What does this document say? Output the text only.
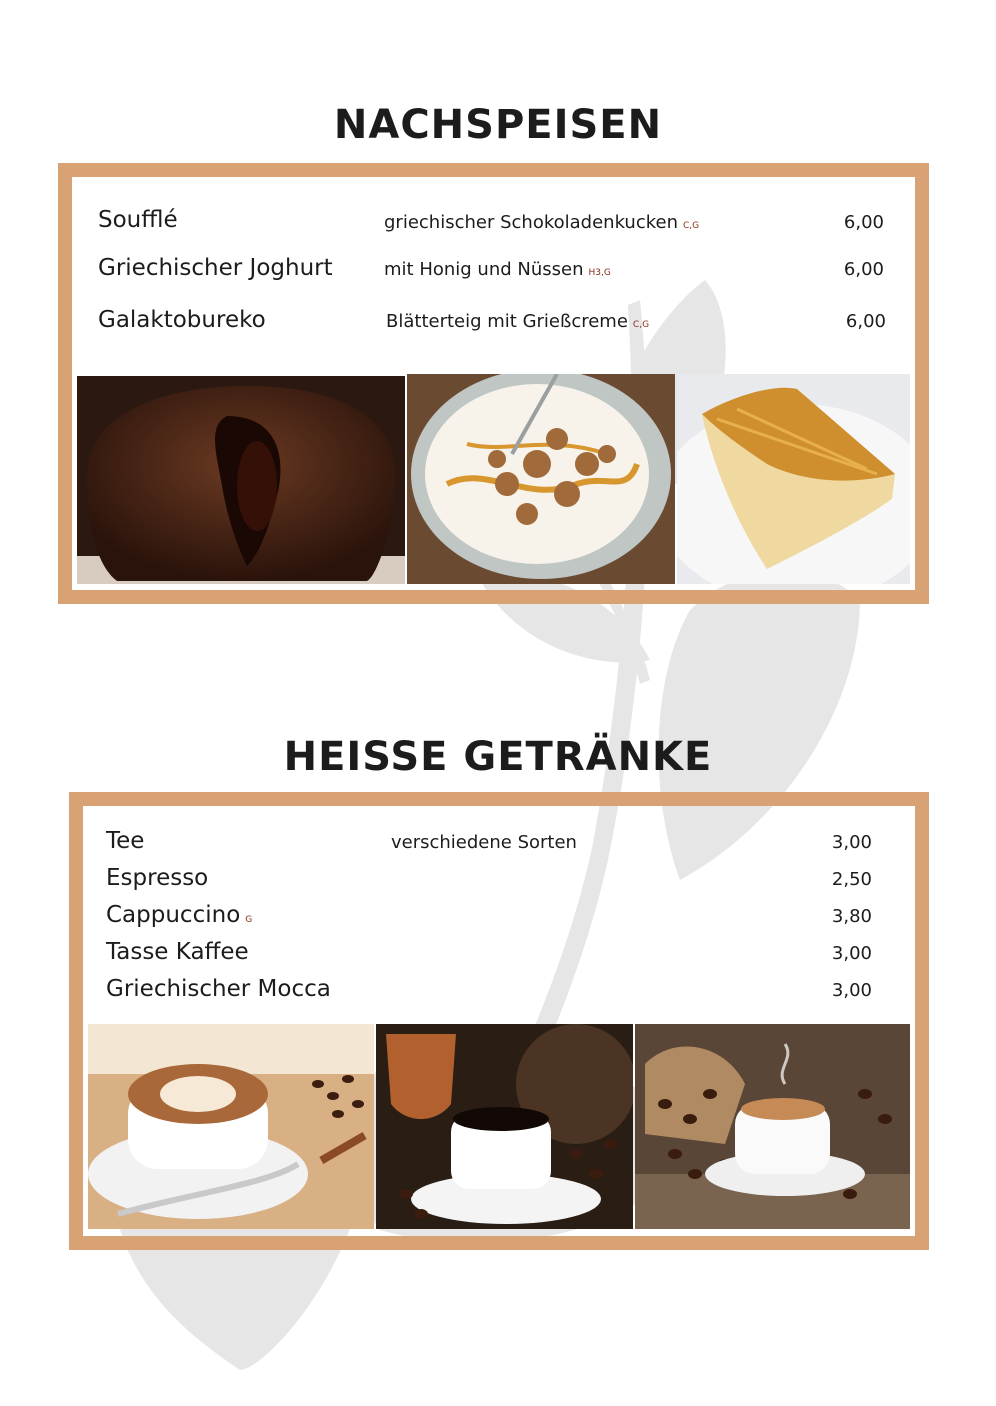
NACHSPEISEN
Soufflé	griechischer Schokoladenkucken C,G	6,00
Griechischer Joghurt	mit Honig und Nüssen H3,G	6,00
Galaktobureko	Blätterteig mit Grießcreme C,G	6,00
HEISSE GETRÄNKE
Tee	verschiedene Sorten	3,00
Espresso	2,50
Cappuccino G	3,80
Tasse Kaffee	3,00
Griechischer Mocca	3,00
